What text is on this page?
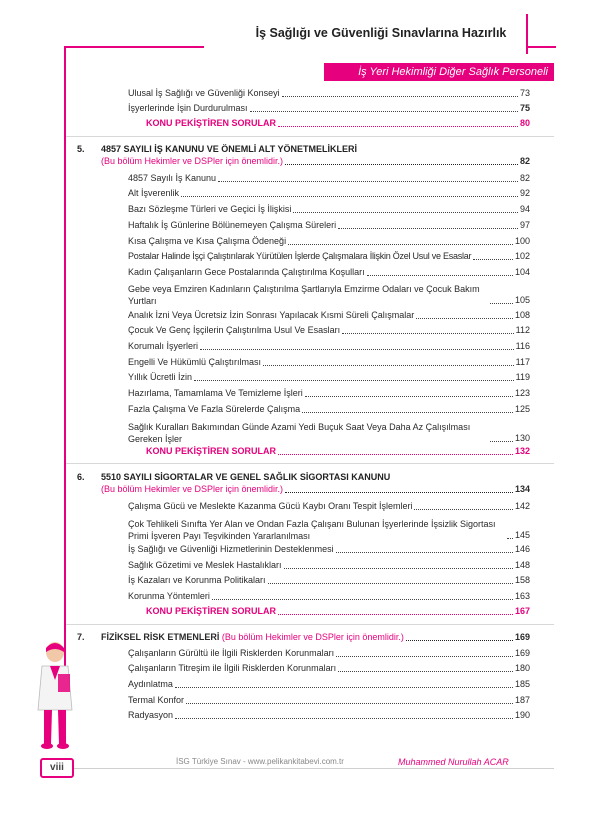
İş Sağlığı ve Güvenliği Sınavlarına Hazırlık
İş Yeri Hekimliği Diğer Sağlık Personeli
Ulusal İş Sağlığı ve Güvenliği Konseyi	73
İşyerlerinde İşin Durdurulması	75
KONU PEKİŞTİREN SORULAR	80
5. 4857 SAYILI İŞ KANUNU VE ÖNEMLİ ALT YÖNETMELİKLERİ
(Bu bölüm Hekimler ve DSPler için önemlidir.)	82
4857 Sayılı İş Kanunu	82
Alt İşverenlik	92
Bazı Sözleşme Türleri ve Geçici İş İlişkisi	94
Haftalık İş Günlerine Bölünemeyen Çalışma Süreleri	97
Kısa Çalışma ve Kısa Çalışma Ödeneği	100
Postalar Halinde İşçi Çalıştırılarak Yürütülen İşlerde Çalışmalara İlişkin Özel Usul ve Esaslar	102
Kadın Çalışanların Gece Postalarında Çalıştırılma Koşulları	104
Gebe veya Emziren Kadınların Çalıştırılma Şartlarıyla Emzirme Odaları ve Çocuk Bakım Yurtları	105
Analık İzni Veya Ücretsiz İzin Sonrası Yapılacak Kısmi Süreli Çalışmalar	108
Çocuk Ve Genç İşçilerin Çalıştırılma Usul Ve Esasları	112
Korumalı İşyerleri	116
Engelli Ve Hükümlü Çalıştırılması	117
Yıllık Ücretli İzin	119
Hazırlama, Tamamlama Ve Temizleme İşleri	123
Fazla Çalışma Ve Fazla Sürelerde Çalışma	125
Sağlık Kuralları Bakımından Günde Azami Yedi Buçuk Saat Veya Daha Az Çalışılması Gereken İşler	130
KONU PEKİŞTİREN SORULAR	132
6. 5510 SAYILI SİGORTALAR VE GENEL SAĞLIK SİGORTASI KANUNU
(Bu bölüm Hekimler ve DSPler için önemlidir.)	134
Çalışma Gücü ve Meslekte Kazanma Gücü Kaybı Oranı Tespit İşlemleri	142
Çok Tehlikeli Sınıfta Yer Alan ve Ondan Fazla Çalışanı Bulunan İşyerlerinde İşsizlik Sigortası Primi İşveren Payı Teşvikinden Yararlanılması	145
İş Sağlığı ve Güvenliği Hizmetlerinin Desteklenmesi	146
Sağlık Gözetimi ve Meslek Hastalıkları	148
İş Kazaları ve Korunma Politikaları	158
Korunma Yöntemleri	163
KONU PEKİŞTİREN SORULAR	167
7.	FİZİKSEL RİSK ETMENLERİ
(Bu bölüm Hekimler ve DSPler için önemlidir.)	169
Çalışanların Gürültü ile İlgili Risklerden Korunmaları	169
Çalışanların Titreşim ile İlgili Risklerden Korunmaları	180
Aydınlatma	185
Termal Konfor	187
Radyasyon	190
viii
İSG Türkiye Sınav - www.pelikankitabevi.com.tr	Muhammed Nurullah ACAR
